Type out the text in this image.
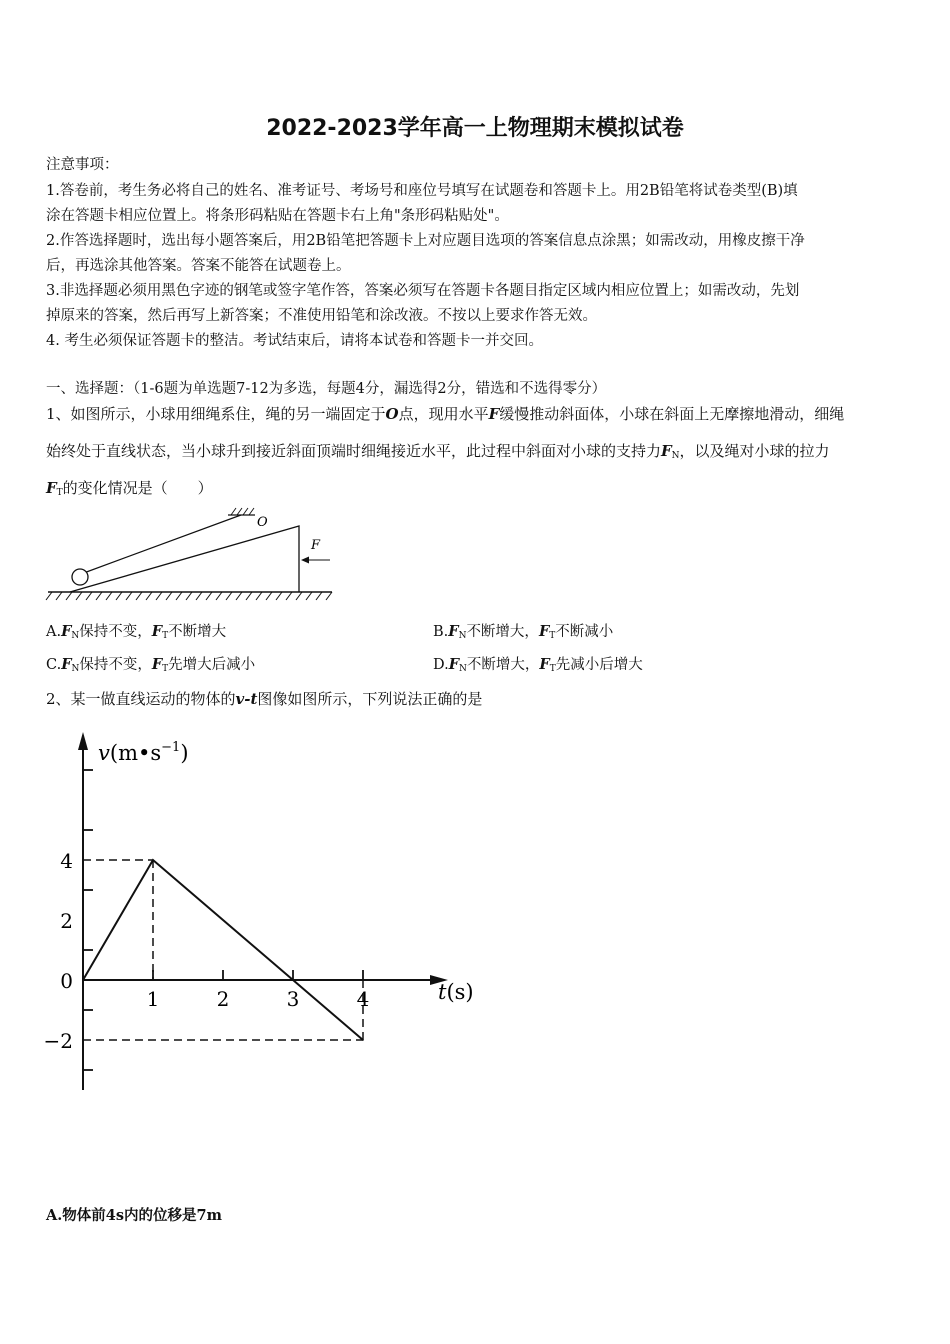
2022-2023学年高一上物理期末模拟试卷
注意事项：
1.答卷前，考生务必将自己的姓名、准考证号、考场号和座位号填写在试题卷和答题卡上。用2B铅笔将试卷类型(B)填
涂在答题卡相应位置上。将条形码粘贴在答题卡右上角"条形码粘贴处"。
2.作答选择题时，选出每小题答案后，用2B铅笔把答题卡上对应题目选项的答案信息点涂黑；如需改动，用橡皮擦干净
后，再选涂其他答案。答案不能答在试题卷上。
3.非选择题必须用黑色字迹的钢笔或签字笔作答，答案必须写在答题卡各题目指定区域内相应位置上；如需改动，先划
掉原来的答案，然后再写上新答案；不准使用铅笔和涂改液。不按以上要求作答无效。
4. 考生必须保证答题卡的整洁。考试结束后，请将本试卷和答题卡一并交回。
一、选择题：（1-6题为单选题7-12为多选，每题4分，漏选得2分，错选和不选得零分）
1、如图所示，小球用细绳系住，绳的另一端固定于O点，现用水平F缓慢推动斜面体，小球在斜面上无摩擦地滑动，细绳
始终处于直线状态，当小球升到接近斜面顶端时细绳接近水平，此过程中斜面对小球的支持力$F_N$，以及绳对小球的拉力
$F_T$的变化情况是（　　）
O
F
$A.F_N$保持不变，$F_T$不断增大	$B.F_N$不断增大，$F_T$不断减小
$C.F_N$保持不变，$F_T$先增大后减小	$D.F_N$不断增大，$F_T$先减小后增大
2、某一做直线运动的物体的v-t图像如图所示，下列说法正确的是
$v(m•s^{-1})$
t(s)
1	2	3	4
4
2
0
−2
A.物体前4s内的位移是7m
